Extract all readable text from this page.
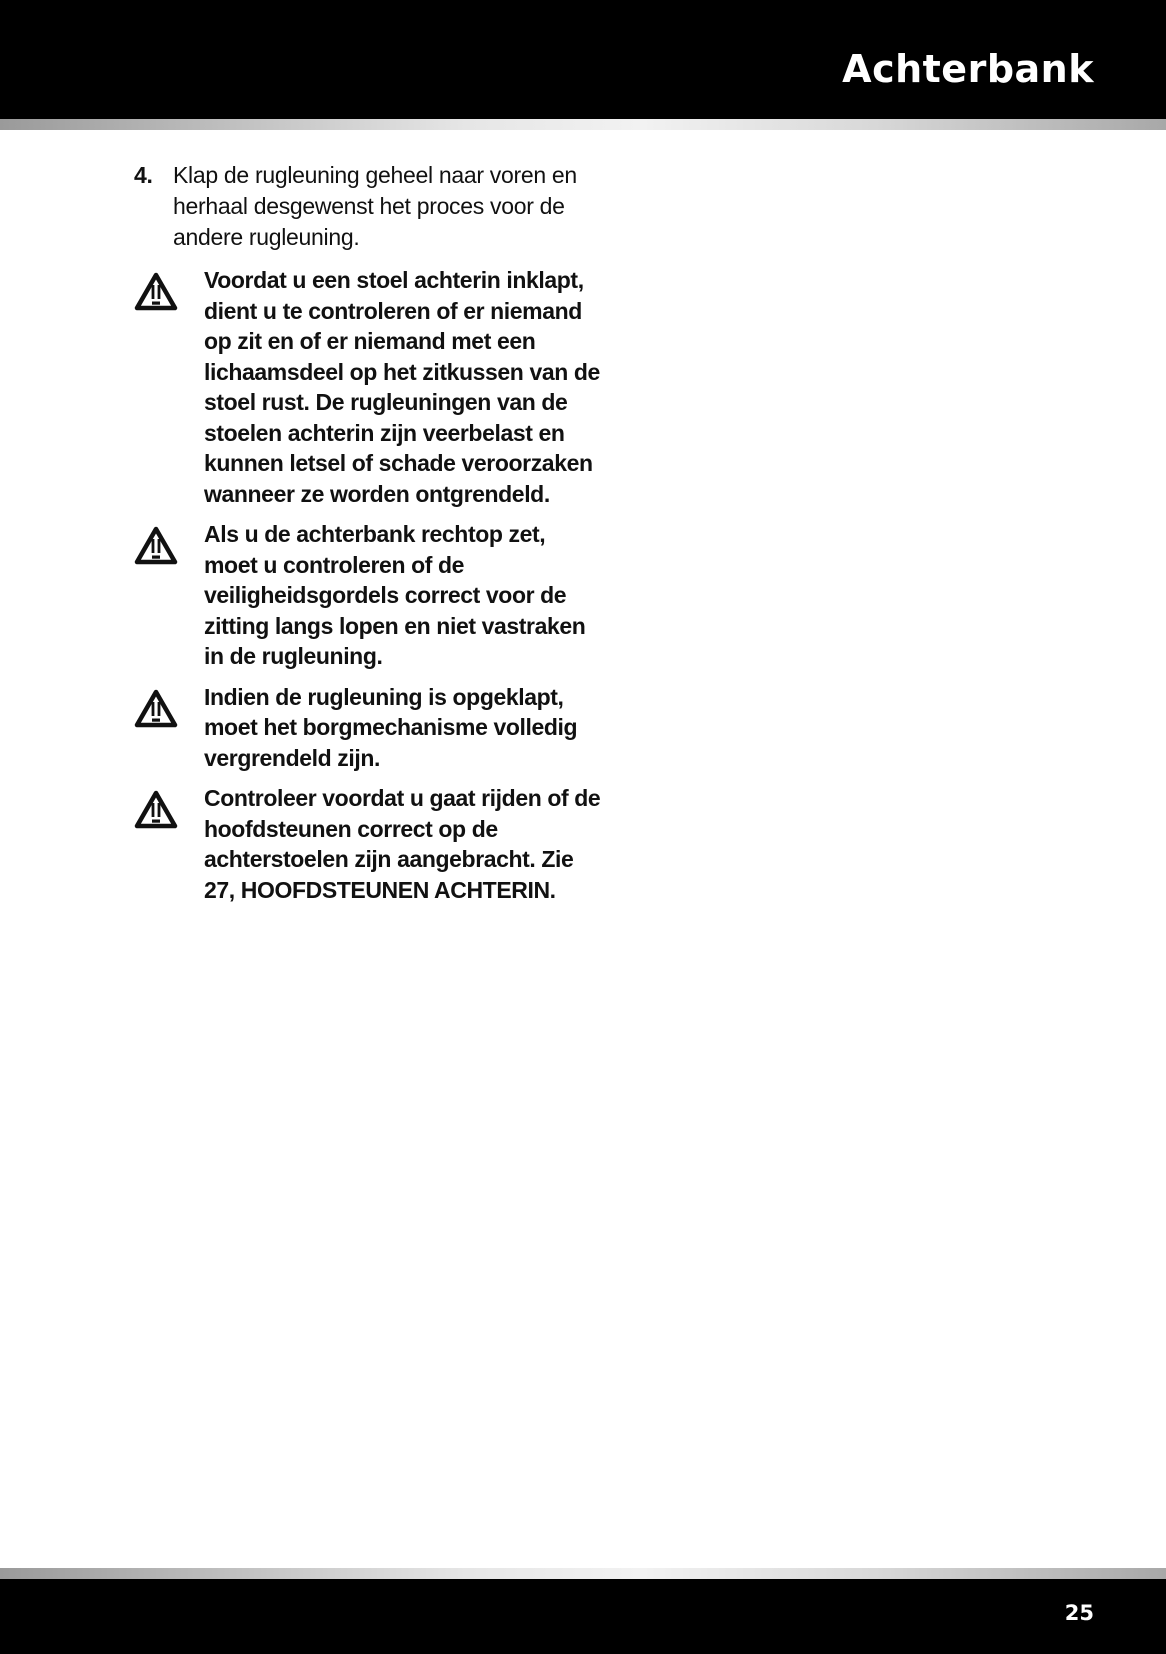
Achterbank
4. Klap de rugleuning geheel naar voren en herhaal desgewenst het proces voor de andere rugleuning.
Voordat u een stoel achterin inklapt, dient u te controleren of er niemand op zit en of er niemand met een lichaamsdeel op het zitkussen van de stoel rust. De rugleuningen van de stoelen achterin zijn veerbelast en kunnen letsel of schade veroorzaken wanneer ze worden ontgrendeld.
Als u de achterbank rechtop zet, moet u controleren of de veiligheidsgordels correct voor de zitting langs lopen en niet vastraken in de rugleuning.
Indien de rugleuning is opgeklapt, moet het borgmechanisme volledig vergrendeld zijn.
Controleer voordat u gaat rijden of de hoofdsteunen correct op de achterstoelen zijn aangebracht. Zie 27, HOOFDSTEUNEN ACHTERIN.
25
